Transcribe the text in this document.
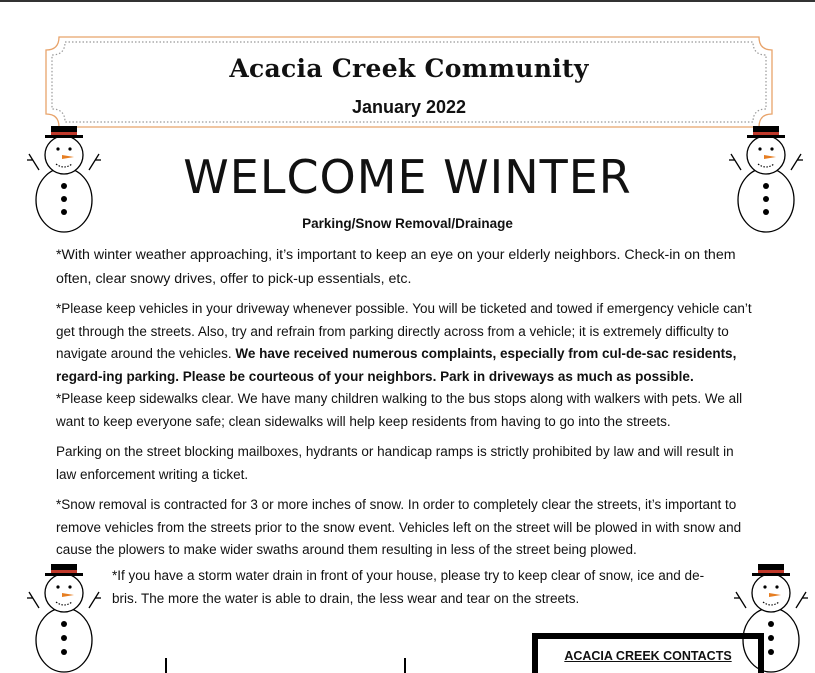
Acacia Creek Community
January 2022
WELCOME WINTER
Parking/Snow Removal/Drainage

*With winter weather approaching, it’s important to keep an eye on your elderly neighbors. Check-in on them often, clear snowy drives, offer to pick-up essentials, etc.

*Please keep vehicles in your driveway whenever possible. You will be ticketed and towed if emergency vehicle can’t get through the streets. Also, try and refrain from parking directly across from a vehicle; it is extremely difficulty to navigate around the vehicles. We have received numerous complaints, especially from cul-de-sac residents, regard-ing parking. Please be courteous of your neighbors. Park in driveways as much as possible.

*Please keep sidewalks clear. We have many children walking to the bus stops along with walkers with pets. We all want to keep everyone safe; clean sidewalks will help keep residents from having to go into the streets.

Parking on the street blocking mailboxes, hydrants or handicap ramps is strictly prohibited by law and will result in law enforcement writing a ticket.

*Snow removal is contracted for 3 or more inches of snow. In order to completely clear the streets, it’s important to remove vehicles from the streets prior to the snow event. Vehicles left on the street will be plowed in with snow and cause the plowers to make wider swaths around them resulting in less of the street being plowed.

*If you have a storm water drain in front of your house, please try to keep clear of snow, ice and de-bris. The more the water is able to drain, the less wear and tear on the streets.

ACACIA CREEK CONTACTS
